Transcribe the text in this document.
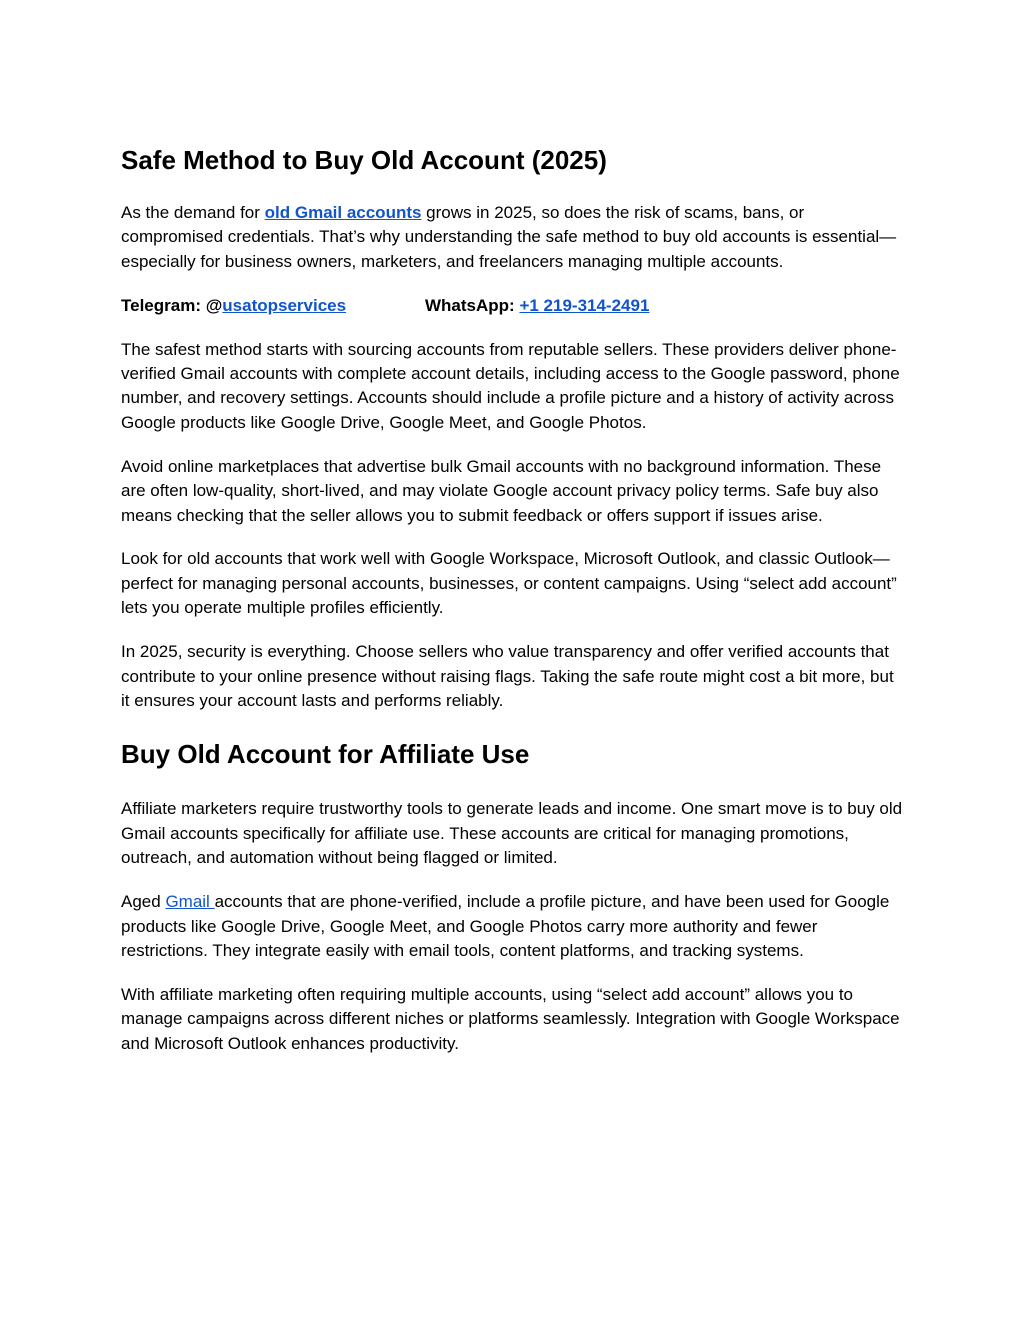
Safe Method to Buy Old Account (2025)

As the demand for old Gmail accounts grows in 2025, so does the risk of scams, bans, or compromised credentials. That’s why understanding the safe method to buy old accounts is essential—especially for business owners, marketers, and freelancers managing multiple accounts.

Telegram: @usatopservices	WhatsApp: +1 219-314-2491

The safest method starts with sourcing accounts from reputable sellers. These providers deliver phone-verified Gmail accounts with complete account details, including access to the Google password, phone number, and recovery settings. Accounts should include a profile picture and a history of activity across Google products like Google Drive, Google Meet, and Google Photos.

Avoid online marketplaces that advertise bulk Gmail accounts with no background information. These are often low-quality, short-lived, and may violate Google account privacy policy terms. Safe buy also means checking that the seller allows you to submit feedback or offers support if issues arise.

Look for old accounts that work well with Google Workspace, Microsoft Outlook, and classic Outlook—perfect for managing personal accounts, businesses, or content campaigns. Using “select add account” lets you operate multiple profiles efficiently.

In 2025, security is everything. Choose sellers who value transparency and offer verified accounts that contribute to your online presence without raising flags. Taking the safe route might cost a bit more, but it ensures your account lasts and performs reliably.

Buy Old Account for Affiliate Use

Affiliate marketers require trustworthy tools to generate leads and income. One smart move is to buy old Gmail accounts specifically for affiliate use. These accounts are critical for managing promotions, outreach, and automation without being flagged or limited.

Aged Gmail accounts that are phone-verified, include a profile picture, and have been used for Google products like Google Drive, Google Meet, and Google Photos carry more authority and fewer restrictions. They integrate easily with email tools, content platforms, and tracking systems.

With affiliate marketing often requiring multiple accounts, using “select add account” allows you to manage campaigns across different niches or platforms seamlessly. Integration with Google Workspace and Microsoft Outlook enhances productivity.
